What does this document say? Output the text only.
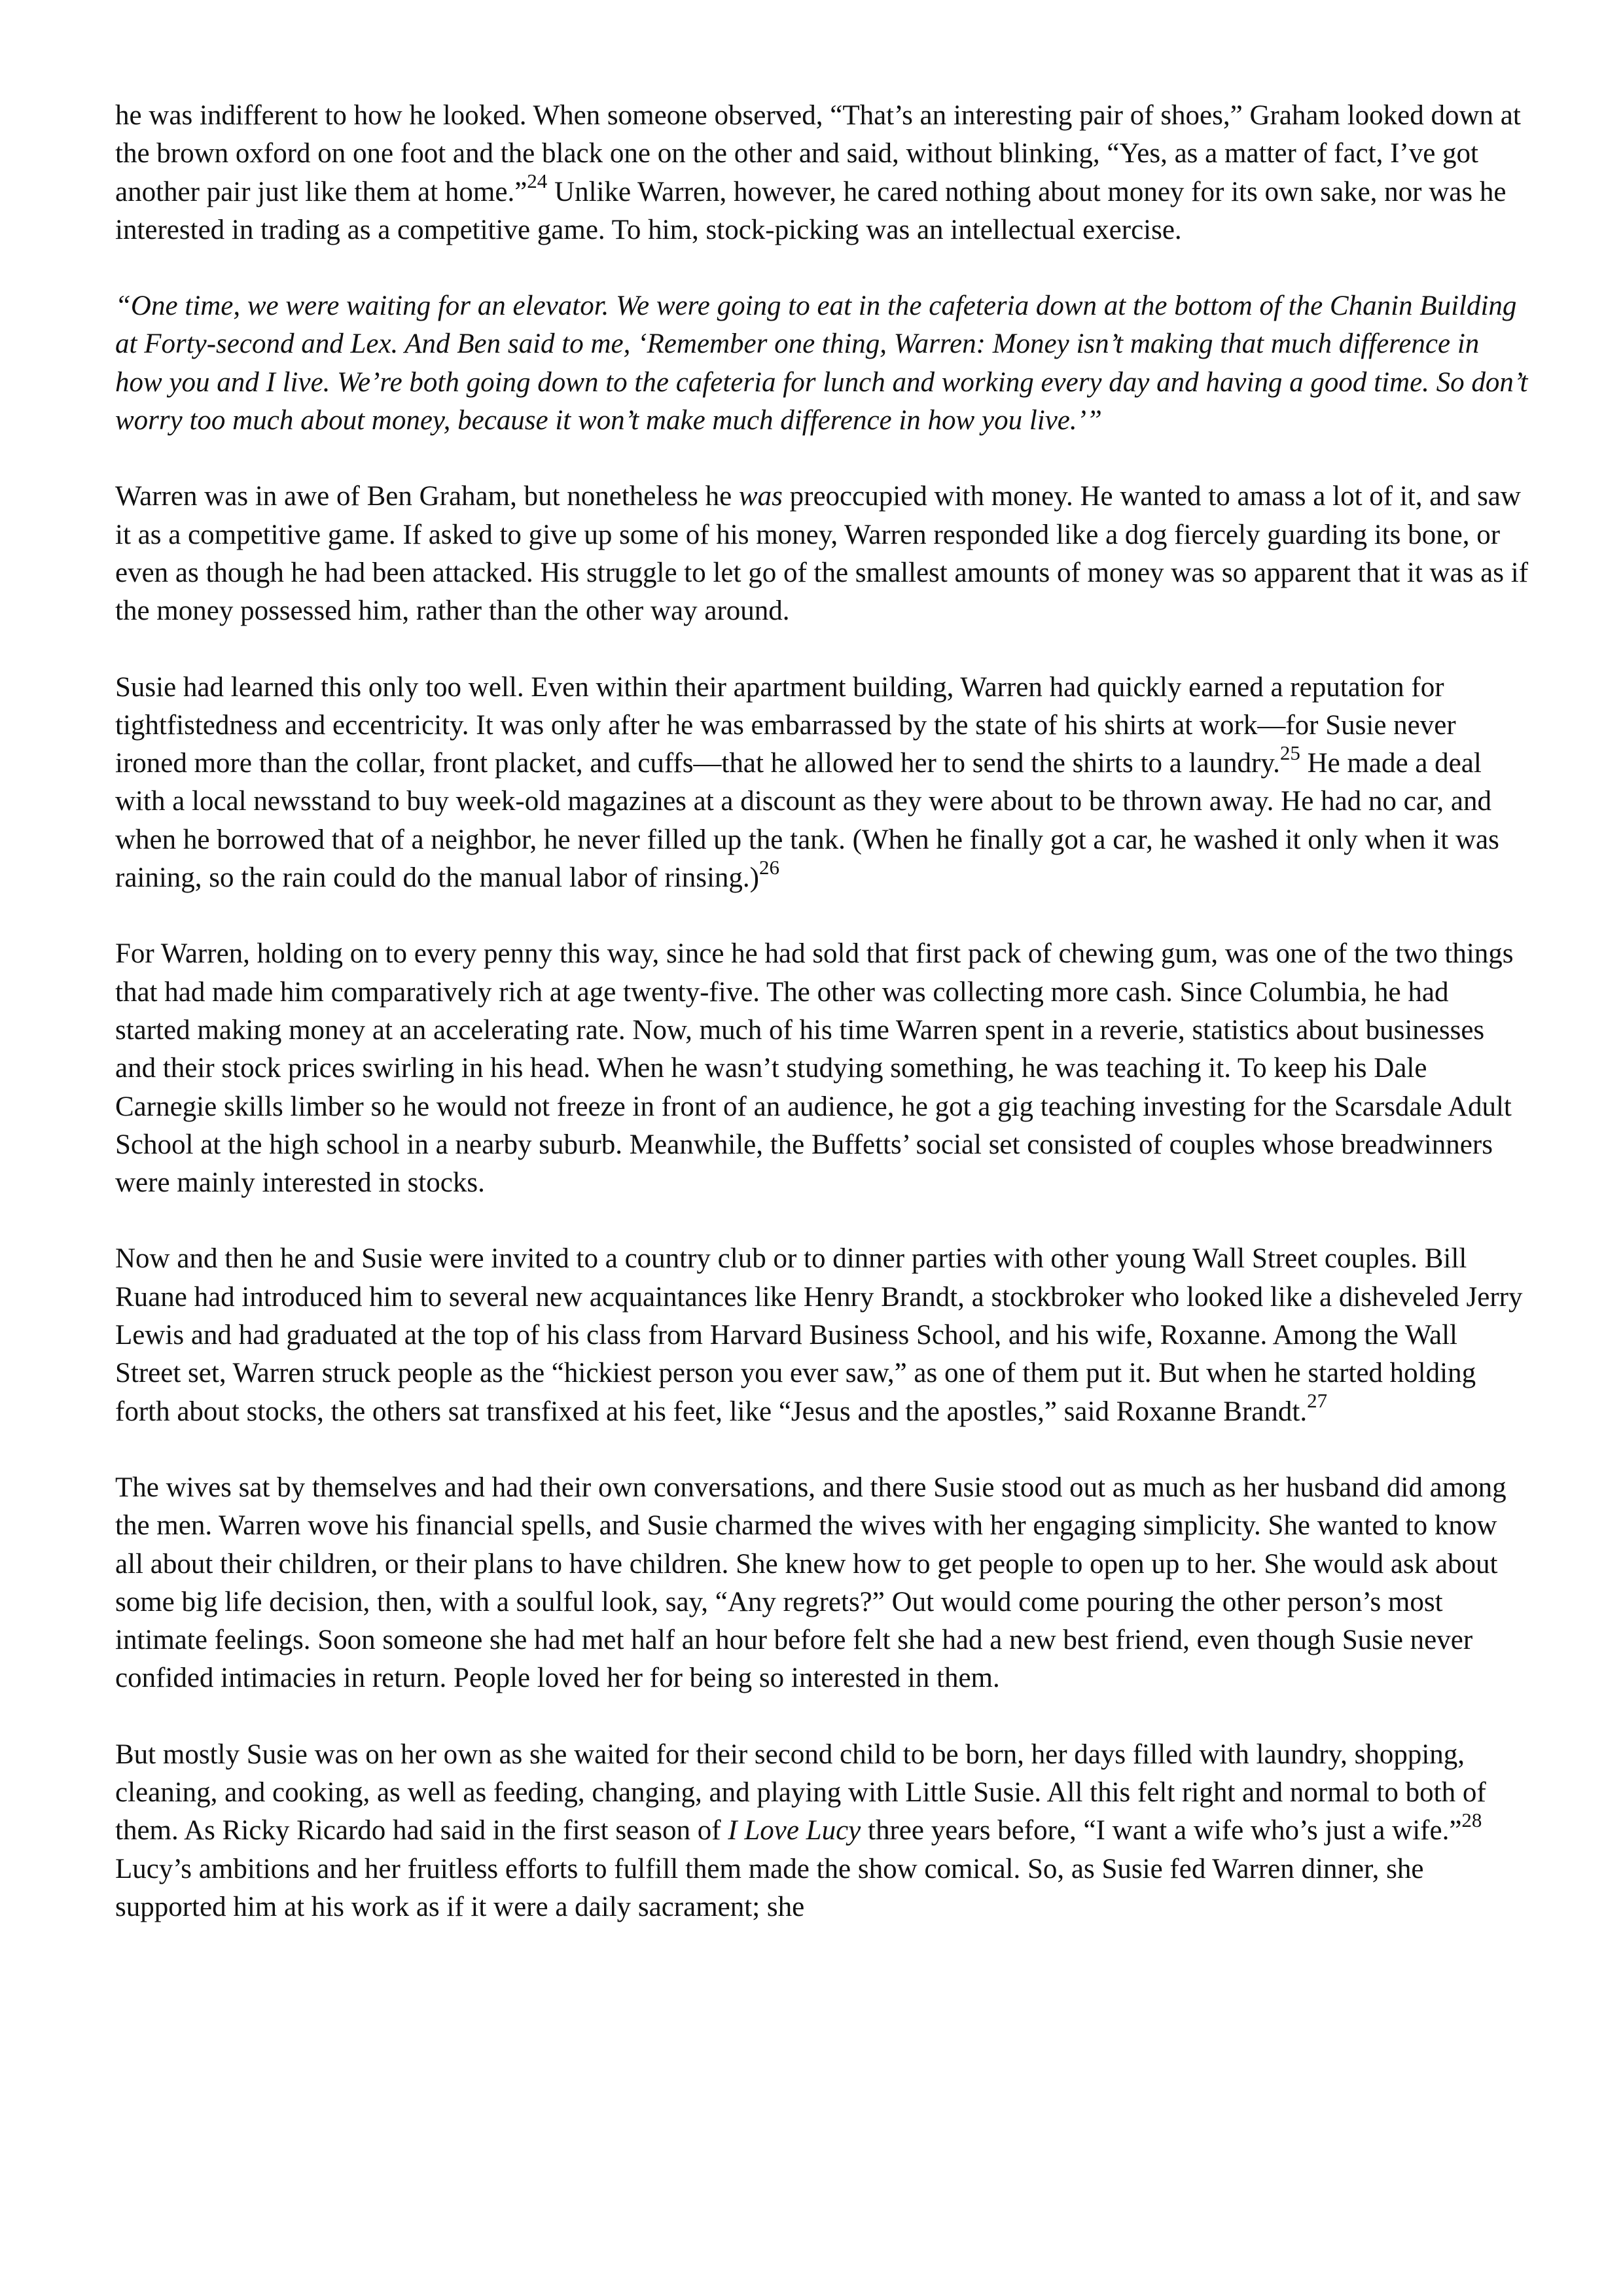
he was indifferent to how he looked. When someone observed, “That’s an interesting pair of shoes,” Graham looked down at the brown oxford on one foot and the black one on the other and said, without blinking, “Yes, as a matter of fact, I’ve got another pair just like them at home.”$^{24}$ Unlike Warren, however, he cared nothing about money for its own sake, nor was he interested in trading as a competitive game. To him, stock-picking was an intellectual exercise.

“One time, we were waiting for an elevator. We were going to eat in the cafeteria down at the bottom of the Chanin Building at Forty-second and Lex. And Ben said to me, ‘Remember one thing, Warren: Money isn’t making that much difference in how you and I live. We’re both going down to the cafeteria for lunch and working every day and having a good time. So don’t worry too much about money, because it won’t make much difference in how you live.’”

Warren was in awe of Ben Graham, but nonetheless he was preoccupied with money. He wanted to amass a lot of it, and saw it as a competitive game. If asked to give up some of his money, Warren responded like a dog fiercely guarding its bone, or even as though he had been attacked. His struggle to let go of the smallest amounts of money was so apparent that it was as if the money possessed him, rather than the other way around.

Susie had learned this only too well. Even within their apartment building, Warren had quickly earned a reputation for tightfistedness and eccentricity. It was only after he was embarrassed by the state of his shirts at work—for Susie never ironed more than the collar, front placket, and cuffs—that he allowed her to send the shirts to a laundry.$^{25}$ He made a deal with a local newsstand to buy week-old magazines at a discount as they were about to be thrown away. He had no car, and when he borrowed that of a neighbor, he never filled up the tank. (When he finally got a car, he washed it only when it was raining, so the rain could do the manual labor of rinsing.)$^{26}$

For Warren, holding on to every penny this way, since he had sold that first pack of chewing gum, was one of the two things that had made him comparatively rich at age twenty-five. The other was collecting more cash. Since Columbia, he had started making money at an accelerating rate. Now, much of his time Warren spent in a reverie, statistics about businesses and their stock prices swirling in his head. When he wasn’t studying something, he was teaching it. To keep his Dale Carnegie skills limber so he would not freeze in front of an audience, he got a gig teaching investing for the Scarsdale Adult School at the high school in a nearby suburb. Meanwhile, the Buffetts’ social set consisted of couples whose breadwinners were mainly interested in stocks.

Now and then he and Susie were invited to a country club or to dinner parties with other young Wall Street couples. Bill Ruane had introduced him to several new acquaintances like Henry Brandt, a stockbroker who looked like a disheveled Jerry Lewis and had graduated at the top of his class from Harvard Business School, and his wife, Roxanne. Among the Wall Street set, Warren struck people as the “hickiest person you ever saw,” as one of them put it. But when he started holding forth about stocks, the others sat transfixed at his feet, like “Jesus and the apostles,” said Roxanne Brandt.$^{27}$

The wives sat by themselves and had their own conversations, and there Susie stood out as much as her husband did among the men. Warren wove his financial spells, and Susie charmed the wives with her engaging simplicity. She wanted to know all about their children, or their plans to have children. She knew how to get people to open up to her. She would ask about some big life decision, then, with a soulful look, say, “Any regrets?” Out would come pouring the other person’s most intimate feelings. Soon someone she had met half an hour before felt she had a new best friend, even though Susie never confided intimacies in return. People loved her for being so interested in them.

But mostly Susie was on her own as she waited for their second child to be born, her days filled with laundry, shopping, cleaning, and cooking, as well as feeding, changing, and playing with Little Susie. All this felt right and normal to both of them. As Ricky Ricardo had said in the first season of I Love Lucy three years before, “I want a wife who’s just a wife.”$^{28}$ Lucy’s ambitions and her fruitless efforts to fulfill them made the show comical. So, as Susie fed Warren dinner, she supported him at his work as if it were a daily sacrament; she
